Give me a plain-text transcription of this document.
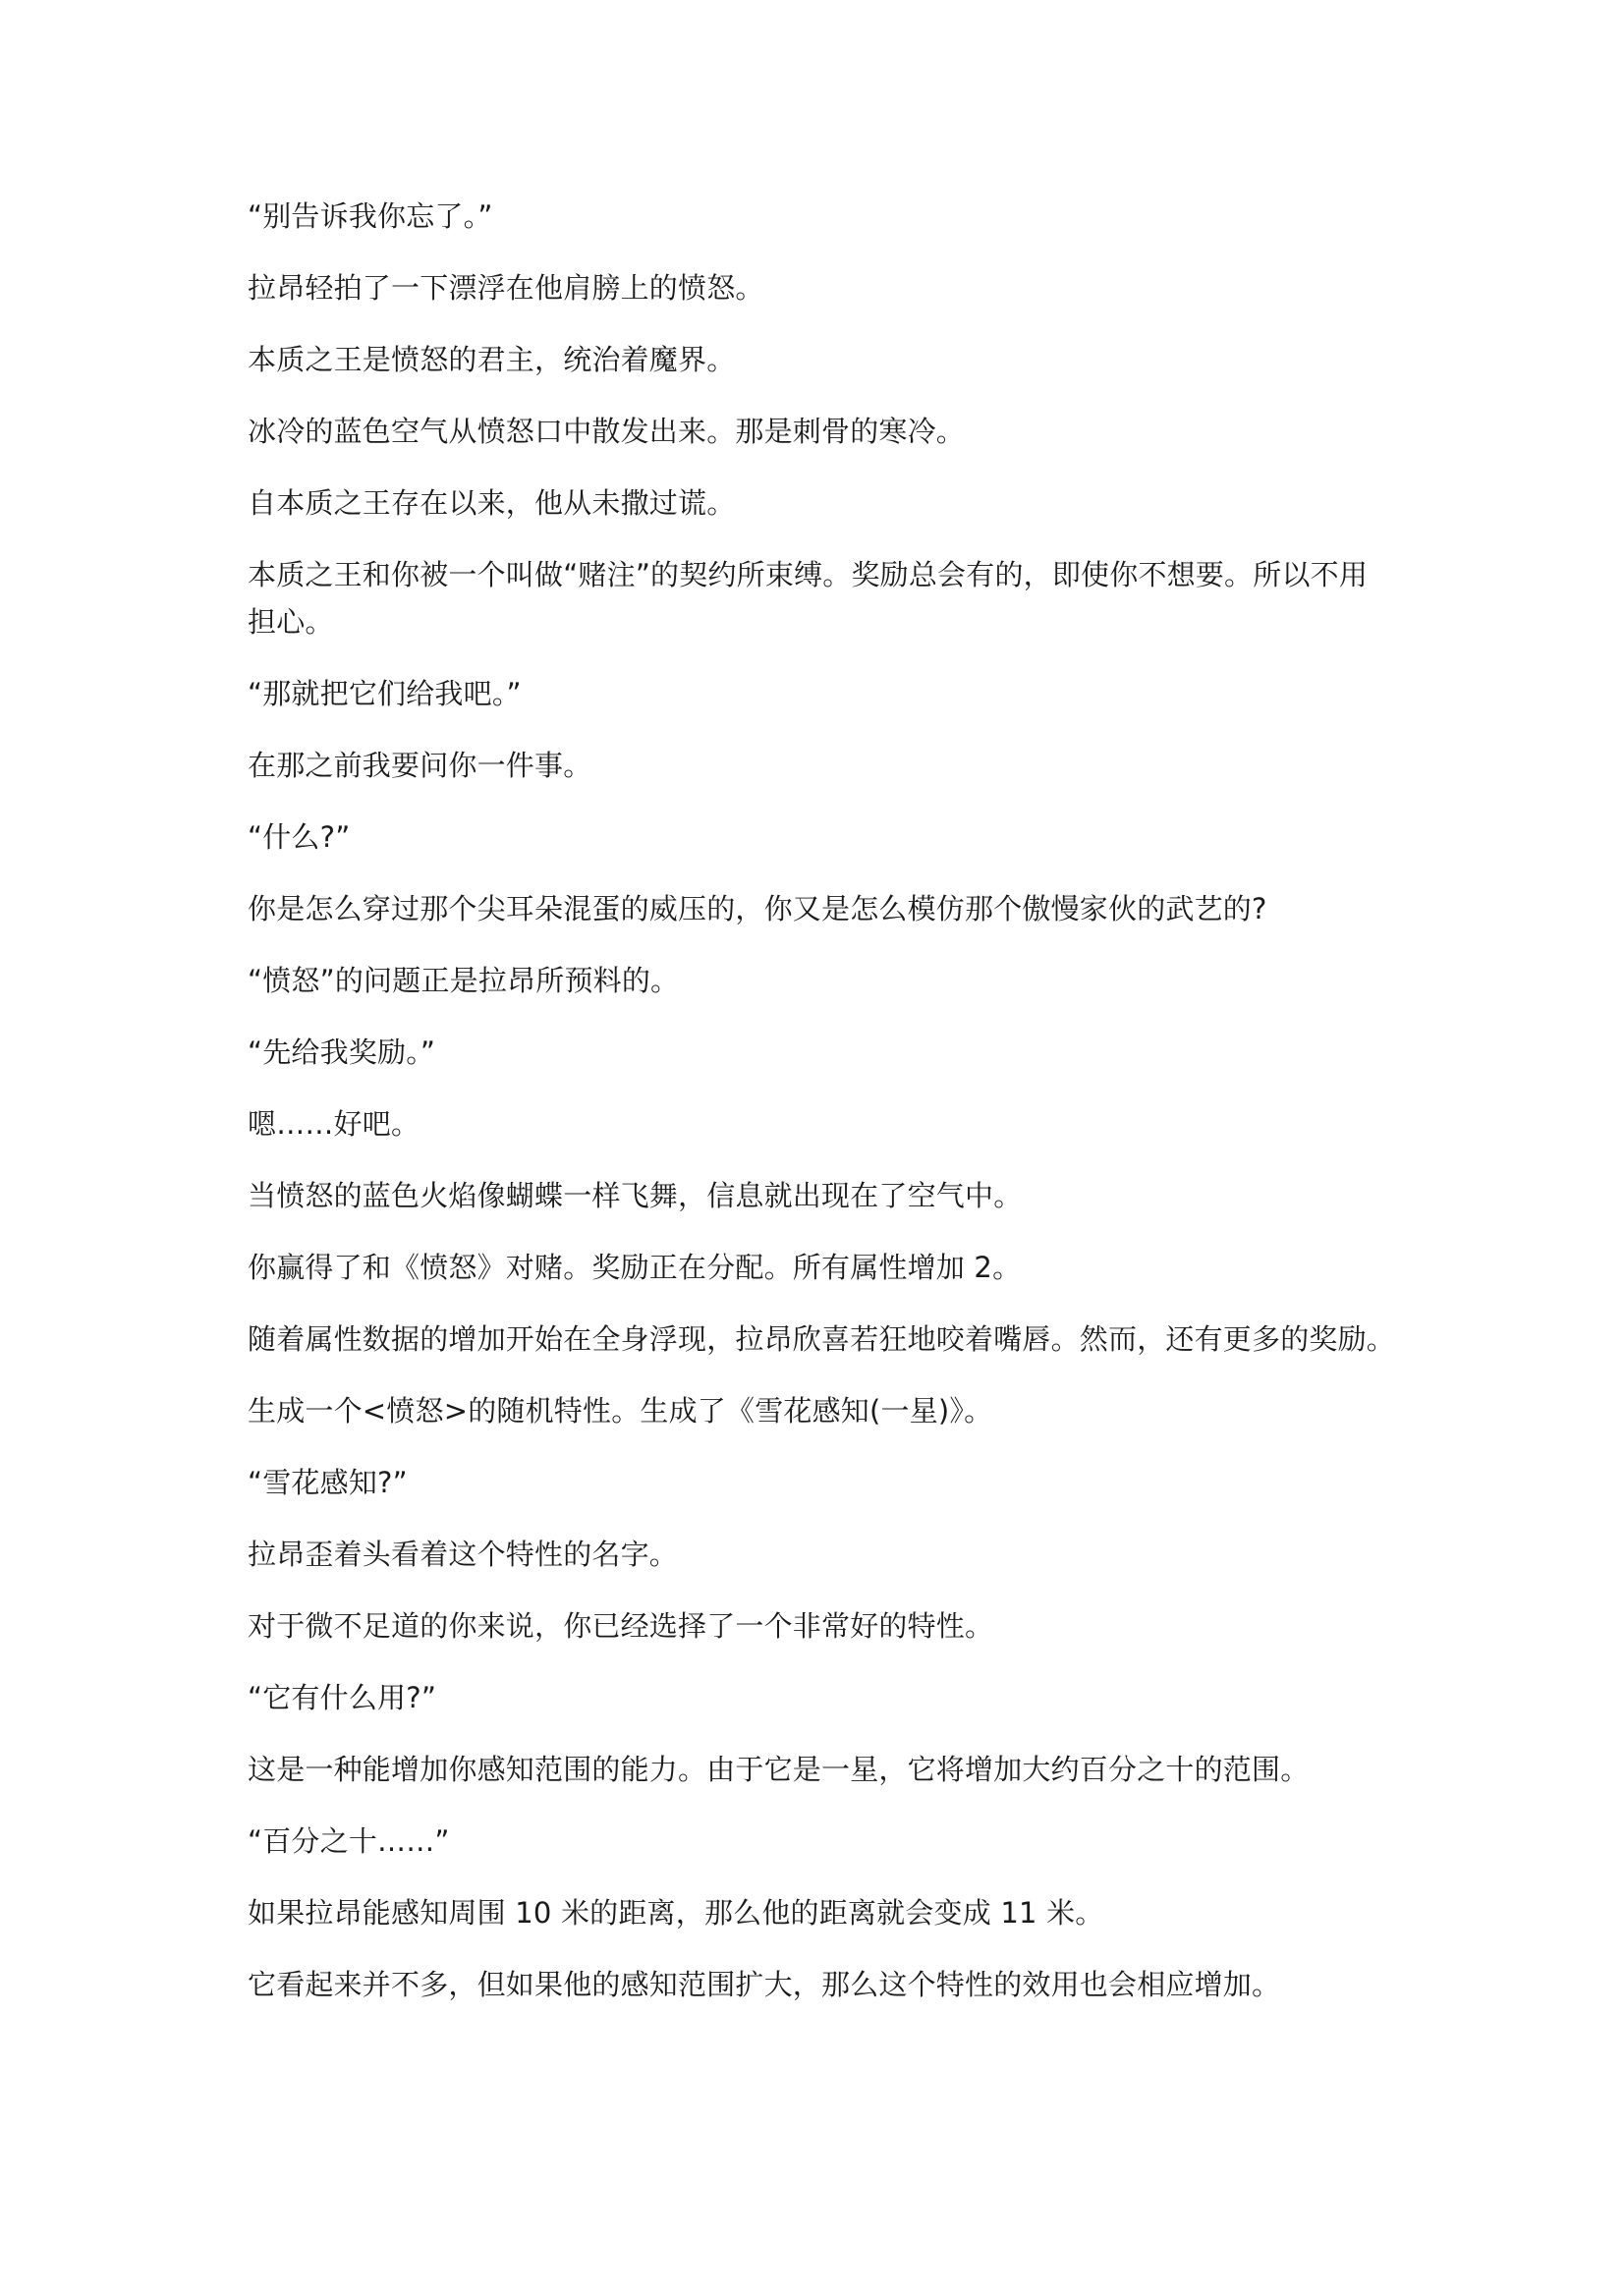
“别告诉我你忘了。”

拉昂轻拍了一下漂浮在他肩膀上的愤怒。

本质之王是愤怒的君主，统治着魔界。

冰冷的蓝色空气从愤怒口中散发出来。那是刺骨的寒冷。

自本质之王存在以来，他从未撒过谎。

本质之王和你被一个叫做“赌注”的契约所束缚。奖励总会有的，即使你不想要。所以不用担心。

“那就把它们给我吧。”

在那之前我要问你一件事。

“什么?”

你是怎么穿过那个尖耳朵混蛋的威压的，你又是怎么模仿那个傲慢家伙的武艺的?

“愤怒”的问题正是拉昂所预料的。

“先给我奖励。”

嗯……好吧。

当愤怒的蓝色火焰像蝴蝶一样飞舞，信息就出现在了空气中。

你赢得了和《愤怒》对赌。奖励正在分配。所有属性增加 2。

随着属性数据的增加开始在全身浮现，拉昂欣喜若狂地咬着嘴唇。然而，还有更多的奖励。

生成一个<愤怒>的随机特性。生成了《雪花感知(一星)》。

“雪花感知?”

拉昂歪着头看着这个特性的名字。

对于微不足道的你来说，你已经选择了一个非常好的特性。

“它有什么用?”

这是一种能增加你感知范围的能力。由于它是一星，它将增加大约百分之十的范围。

“百分之十……”

如果拉昂能感知周围 10 米的距离，那么他的距离就会变成 11 米。

它看起来并不多，但如果他的感知范围扩大，那么这个特性的效用也会相应增加。
